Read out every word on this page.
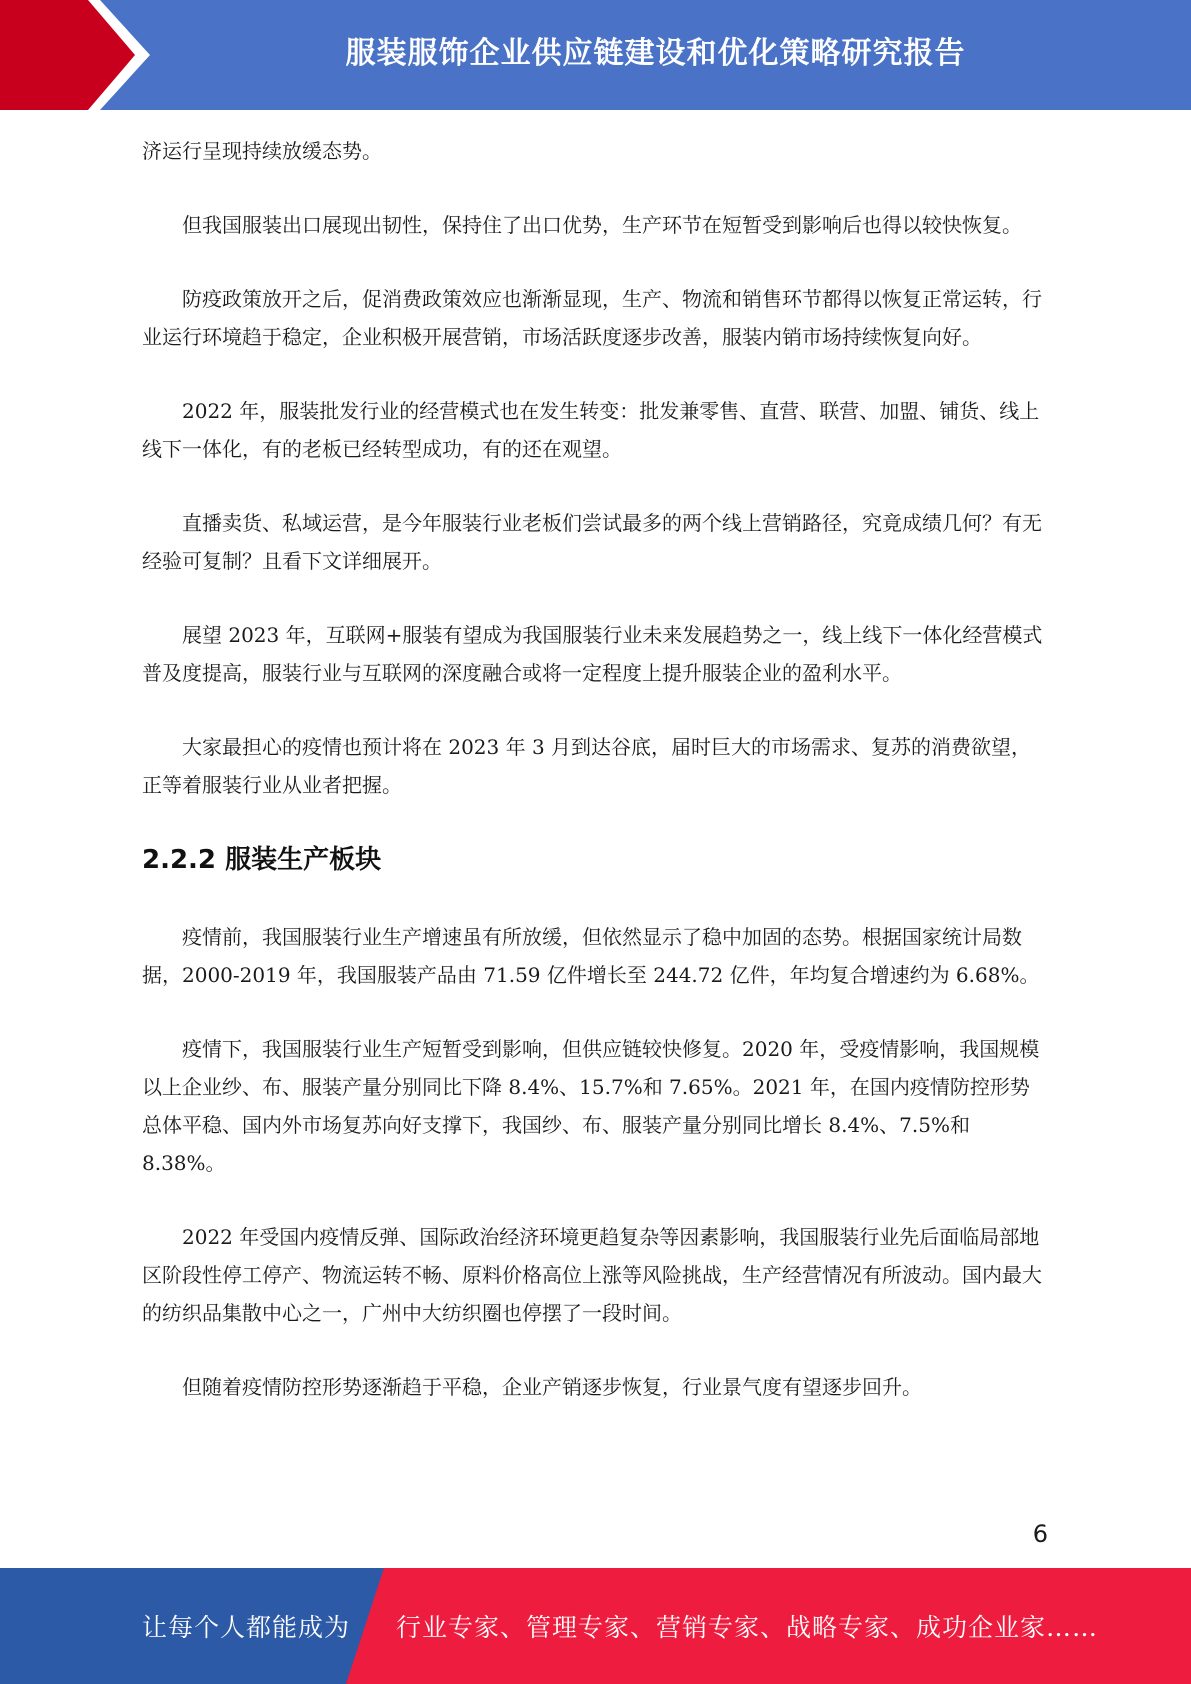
服装服饰企业供应链建设和优化策略研究报告

济运行呈现持续放缓态势。

但我国服装出口展现出韧性，保持住了出口优势，生产环节在短暂受到影响后也得以较快恢复。

防疫政策放开之后，促消费政策效应也渐渐显现，生产、物流和销售环节都得以恢复正常运转，行业运行环境趋于稳定，企业积极开展营销，市场活跃度逐步改善，服装内销市场持续恢复向好。

2022 年，服装批发行业的经营模式也在发生转变：批发兼零售、直营、联营、加盟、铺货、线上线下一体化，有的老板已经转型成功，有的还在观望。

直播卖货、私域运营，是今年服装行业老板们尝试最多的两个线上营销路径，究竟成绩几何？有无经验可复制？且看下文详细展开。

展望 2023 年，互联网+服装有望成为我国服装行业未来发展趋势之一，线上线下一体化经营模式普及度提高，服装行业与互联网的深度融合或将一定程度上提升服装企业的盈利水平。

大家最担心的疫情也预计将在 2023 年 3 月到达谷底，届时巨大的市场需求、复苏的消费欲望，正等着服装行业从业者把握。

2.2.2 服装生产板块

疫情前，我国服装行业生产增速虽有所放缓，但依然显示了稳中加固的态势。根据国家统计局数据，2000-2019 年，我国服装产品由 71.59 亿件增长至 244.72 亿件，年均复合增速约为 6.68%。

疫情下，我国服装行业生产短暂受到影响，但供应链较快修复。2020 年，受疫情影响，我国规模以上企业纱、布、服装产量分别同比下降 8.4%、15.7%和 7.65%。2021 年，在国内疫情防控形势总体平稳、国内外市场复苏向好支撑下，我国纱、布、服装产量分别同比增长 8.4%、7.5%和 8.38%。

2022 年受国内疫情反弹、国际政治经济环境更趋复杂等因素影响，我国服装行业先后面临局部地区阶段性停工停产、物流运转不畅、原料价格高位上涨等风险挑战，生产经营情况有所波动。国内最大的纺织品集散中心之一，广州中大纺织圈也停摆了一段时间。

但随着疫情防控形势逐渐趋于平稳，企业产销逐步恢复，行业景气度有望逐步回升。

6
让每个人都能成为 行业专家、管理专家、营销专家、战略专家、成功企业家……
